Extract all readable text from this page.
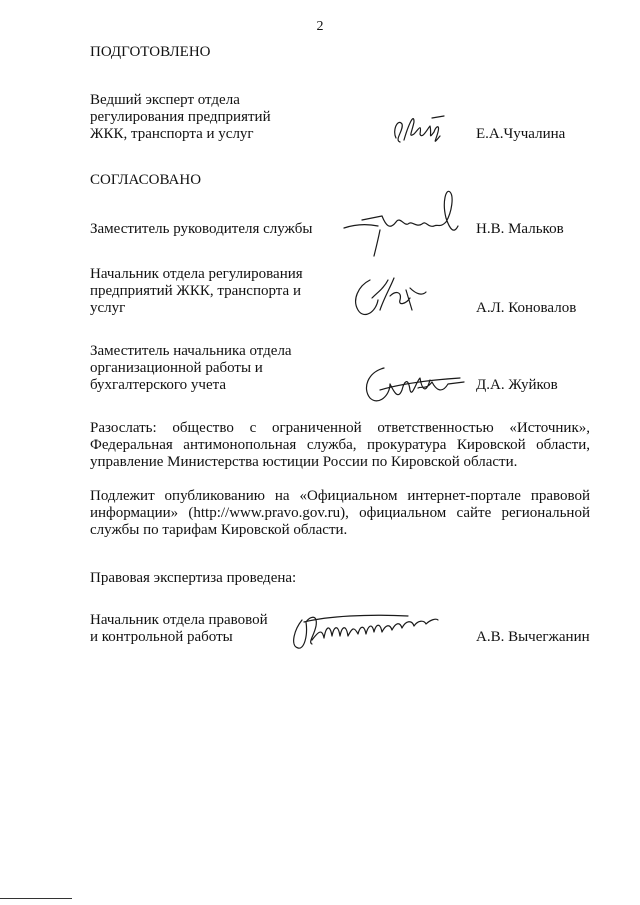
2
ПОДГОТОВЛЕНО
Ведший эксперт отдела
регулирования предприятий
ЖКК, транспорта и услуг	Е.А.Чучалина
СОГЛАСОВАНО
Заместитель руководителя службы	Н.В. Мальков
Начальник отдела регулирования
предприятий ЖКК, транспорта и
услуг	А.Л. Коновалов
Заместитель начальника отдела
организационной работы и
бухгалтерского учета	Д.А. Жуйков
Разослать: общество с ограниченной ответственностью «Источник», Федеральная антимонопольная служба, прокуратура Кировской области, управление Министерства юстиции России по Кировской области.
Подлежит опубликованию на «Официальном интернет-портале правовой информации» (http://www.pravo.gov.ru), официальном сайте региональной службы по тарифам Кировской области.
Правовая экспертиза проведена:
Начальник отдела правовой
и контрольной работы	А.В. Вычегжанин
